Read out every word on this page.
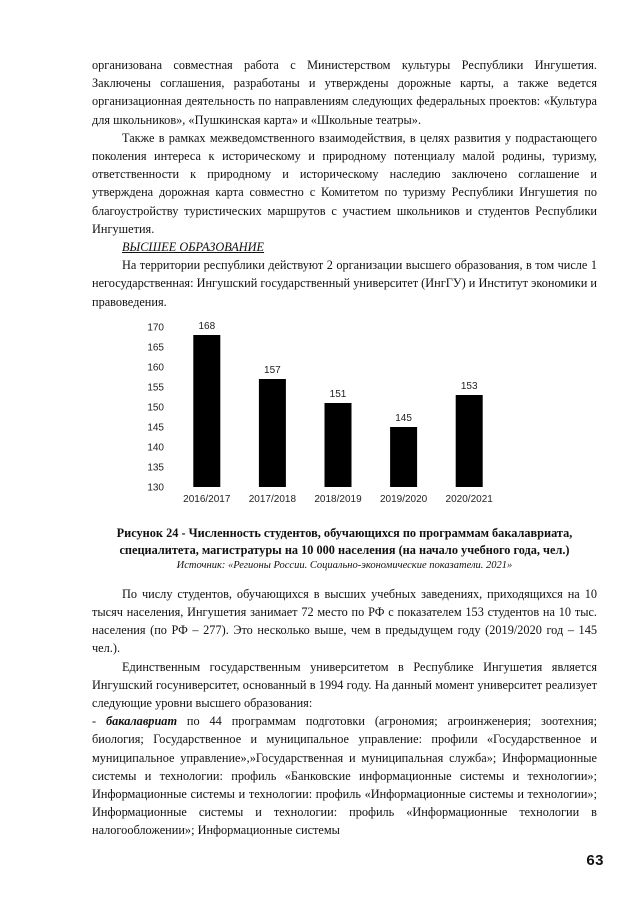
организована совместная работа с Министерством культуры Республики Ингушетия. Заключены соглашения, разработаны и утверждены дорожные карты, а также ведется организационная деятельность по направлениям следующих федеральных проектов: «Культура для школьников», «Пушкинская карта» и «Школьные театры».

Также в рамках межведомственного взаимодействия, в целях развития у подрастающего поколения интереса к историческому и природному потенциалу малой родины, туризму, ответственности к природному и историческому наследию заключено соглашение и утверждена дорожная карта совместно с Комитетом по туризму Республики Ингушетия по благоустройству туристических маршрутов с участием школьников и студентов Республики Ингушетия.

ВЫСШЕЕ ОБРАЗОВАНИЕ

На территории республики действуют 2 организации высшего образования, в том числе 1 негосударственная: Ингушский государственный университет (ИнгГУ) и Институт экономики и правоведения.

130
135
140
145
150
155
160
165
170	168
2016/2017
157
2017/2018
151
2018/2019
145
2019/2020
153
2020/2021
Рисунок 24 - Численность студентов, обучающихся по программам бакалавриата, специалитета, магистратуры на 10 000 населения (на начало учебного года, чел.)
Источник: «Регионы России. Социально-экономические показатели. 2021»

По числу студентов, обучающихся в высших учебных заведениях, приходящихся на 10 тысяч населения, Ингушетия занимает 72 место по РФ с показателем 153 студентов на 10 тыс. населения (по РФ – 277). Это несколько выше, чем в предыдущем году (2019/2020 год – 145 чел.).

Единственным государственным университетом в Республике Ингушетия является Ингушский госуниверситет, основанный в 1994 году. На данный момент университет реализует следующие уровни высшего образования:

- бакалавриат по 44 программам подготовки (агрономия; агроинженерия; зоотехния; биология; Государственное и муниципальное управление: профили «Государственное и муниципальное управление»,»Государственная и муниципальная служба»; Информационные системы и технологии: профиль «Банковские информационные системы и технологии»; Информационные системы и технологии: профиль «Информационные системы и технологии»; Информационные системы и технологии: профиль «Информационные технологии в налогообложении»; Информационные системы

63
